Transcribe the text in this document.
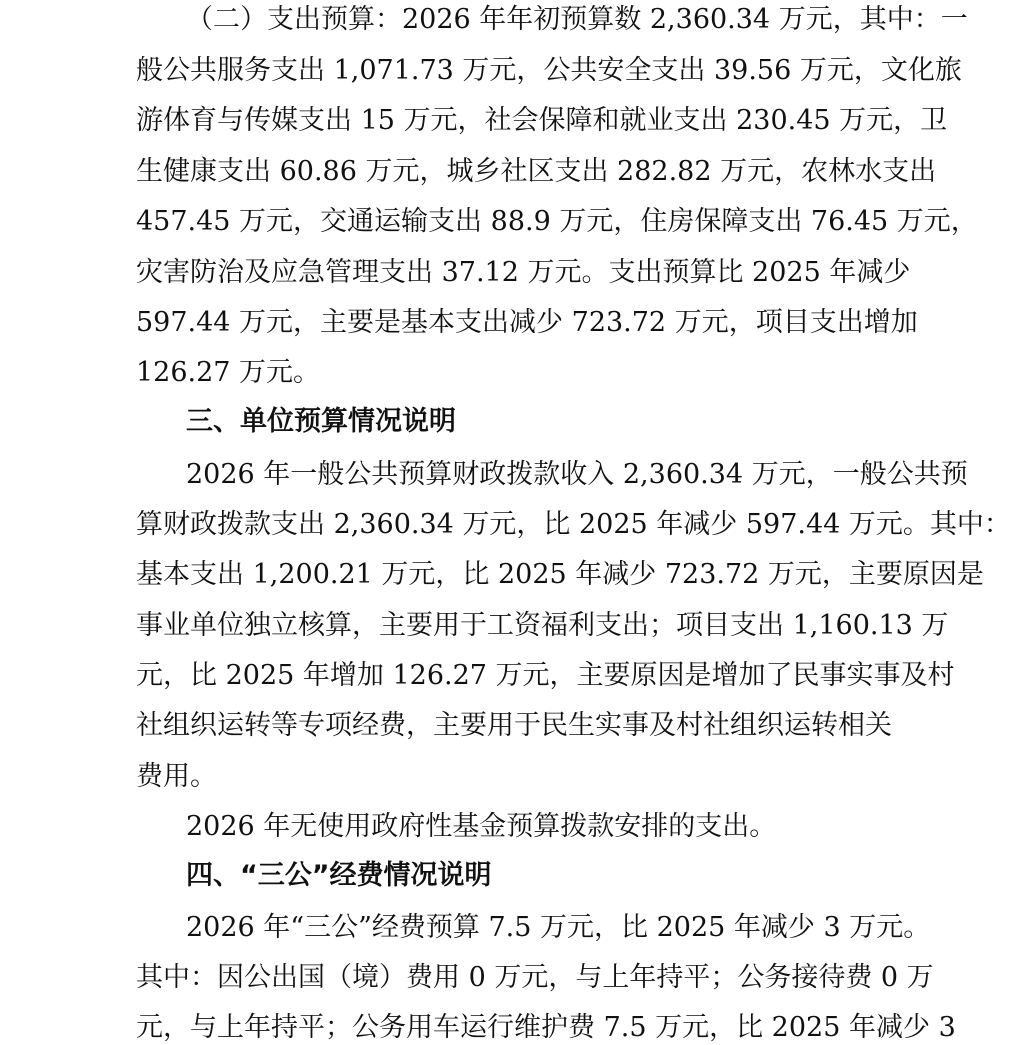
（二）支出预算：2026 年年初预算数 2,360.34 万元，其中：一
般公共服务支出 1,071.73 万元，公共安全支出 39.56 万元，文化旅
游体育与传媒支出 15 万元，社会保障和就业支出 230.45 万元，卫
生健康支出 60.86 万元，城乡社区支出 282.82 万元，农林水支出
457.45 万元，交通运输支出 88.9 万元，住房保障支出 76.45 万元，
灾害防治及应急管理支出 37.12 万元。支出预算比 2025 年减少
597.44 万元，主要是基本支出减少 723.72 万元，项目支出增加
126.27 万元。
三、单位预算情况说明
2026 年一般公共预算财政拨款收入 2,360.34 万元，一般公共预
算财政拨款支出 2,360.34 万元，比 2025 年减少 597.44 万元。其中：
基本支出 1,200.21 万元，比 2025 年减少 723.72 万元，主要原因是
事业单位独立核算，主要用于工资福利支出；项目支出 1,160.13 万
元，比 2025 年增加 126.27 万元，主要原因是增加了民事实事及村
社组织运转等专项经费，主要用于民生实事及村社组织运转相关
费用。
2026 年无使用政府性基金预算拨款安排的支出。
四、“三公”经费情况说明
2026 年“三公”经费预算 7.5 万元，比 2025 年减少 3 万元。
其中：因公出国（境）费用 0 万元，与上年持平；公务接待费 0 万
元，与上年持平；公务用车运行维护费 7.5 万元，比 2025 年减少 3
